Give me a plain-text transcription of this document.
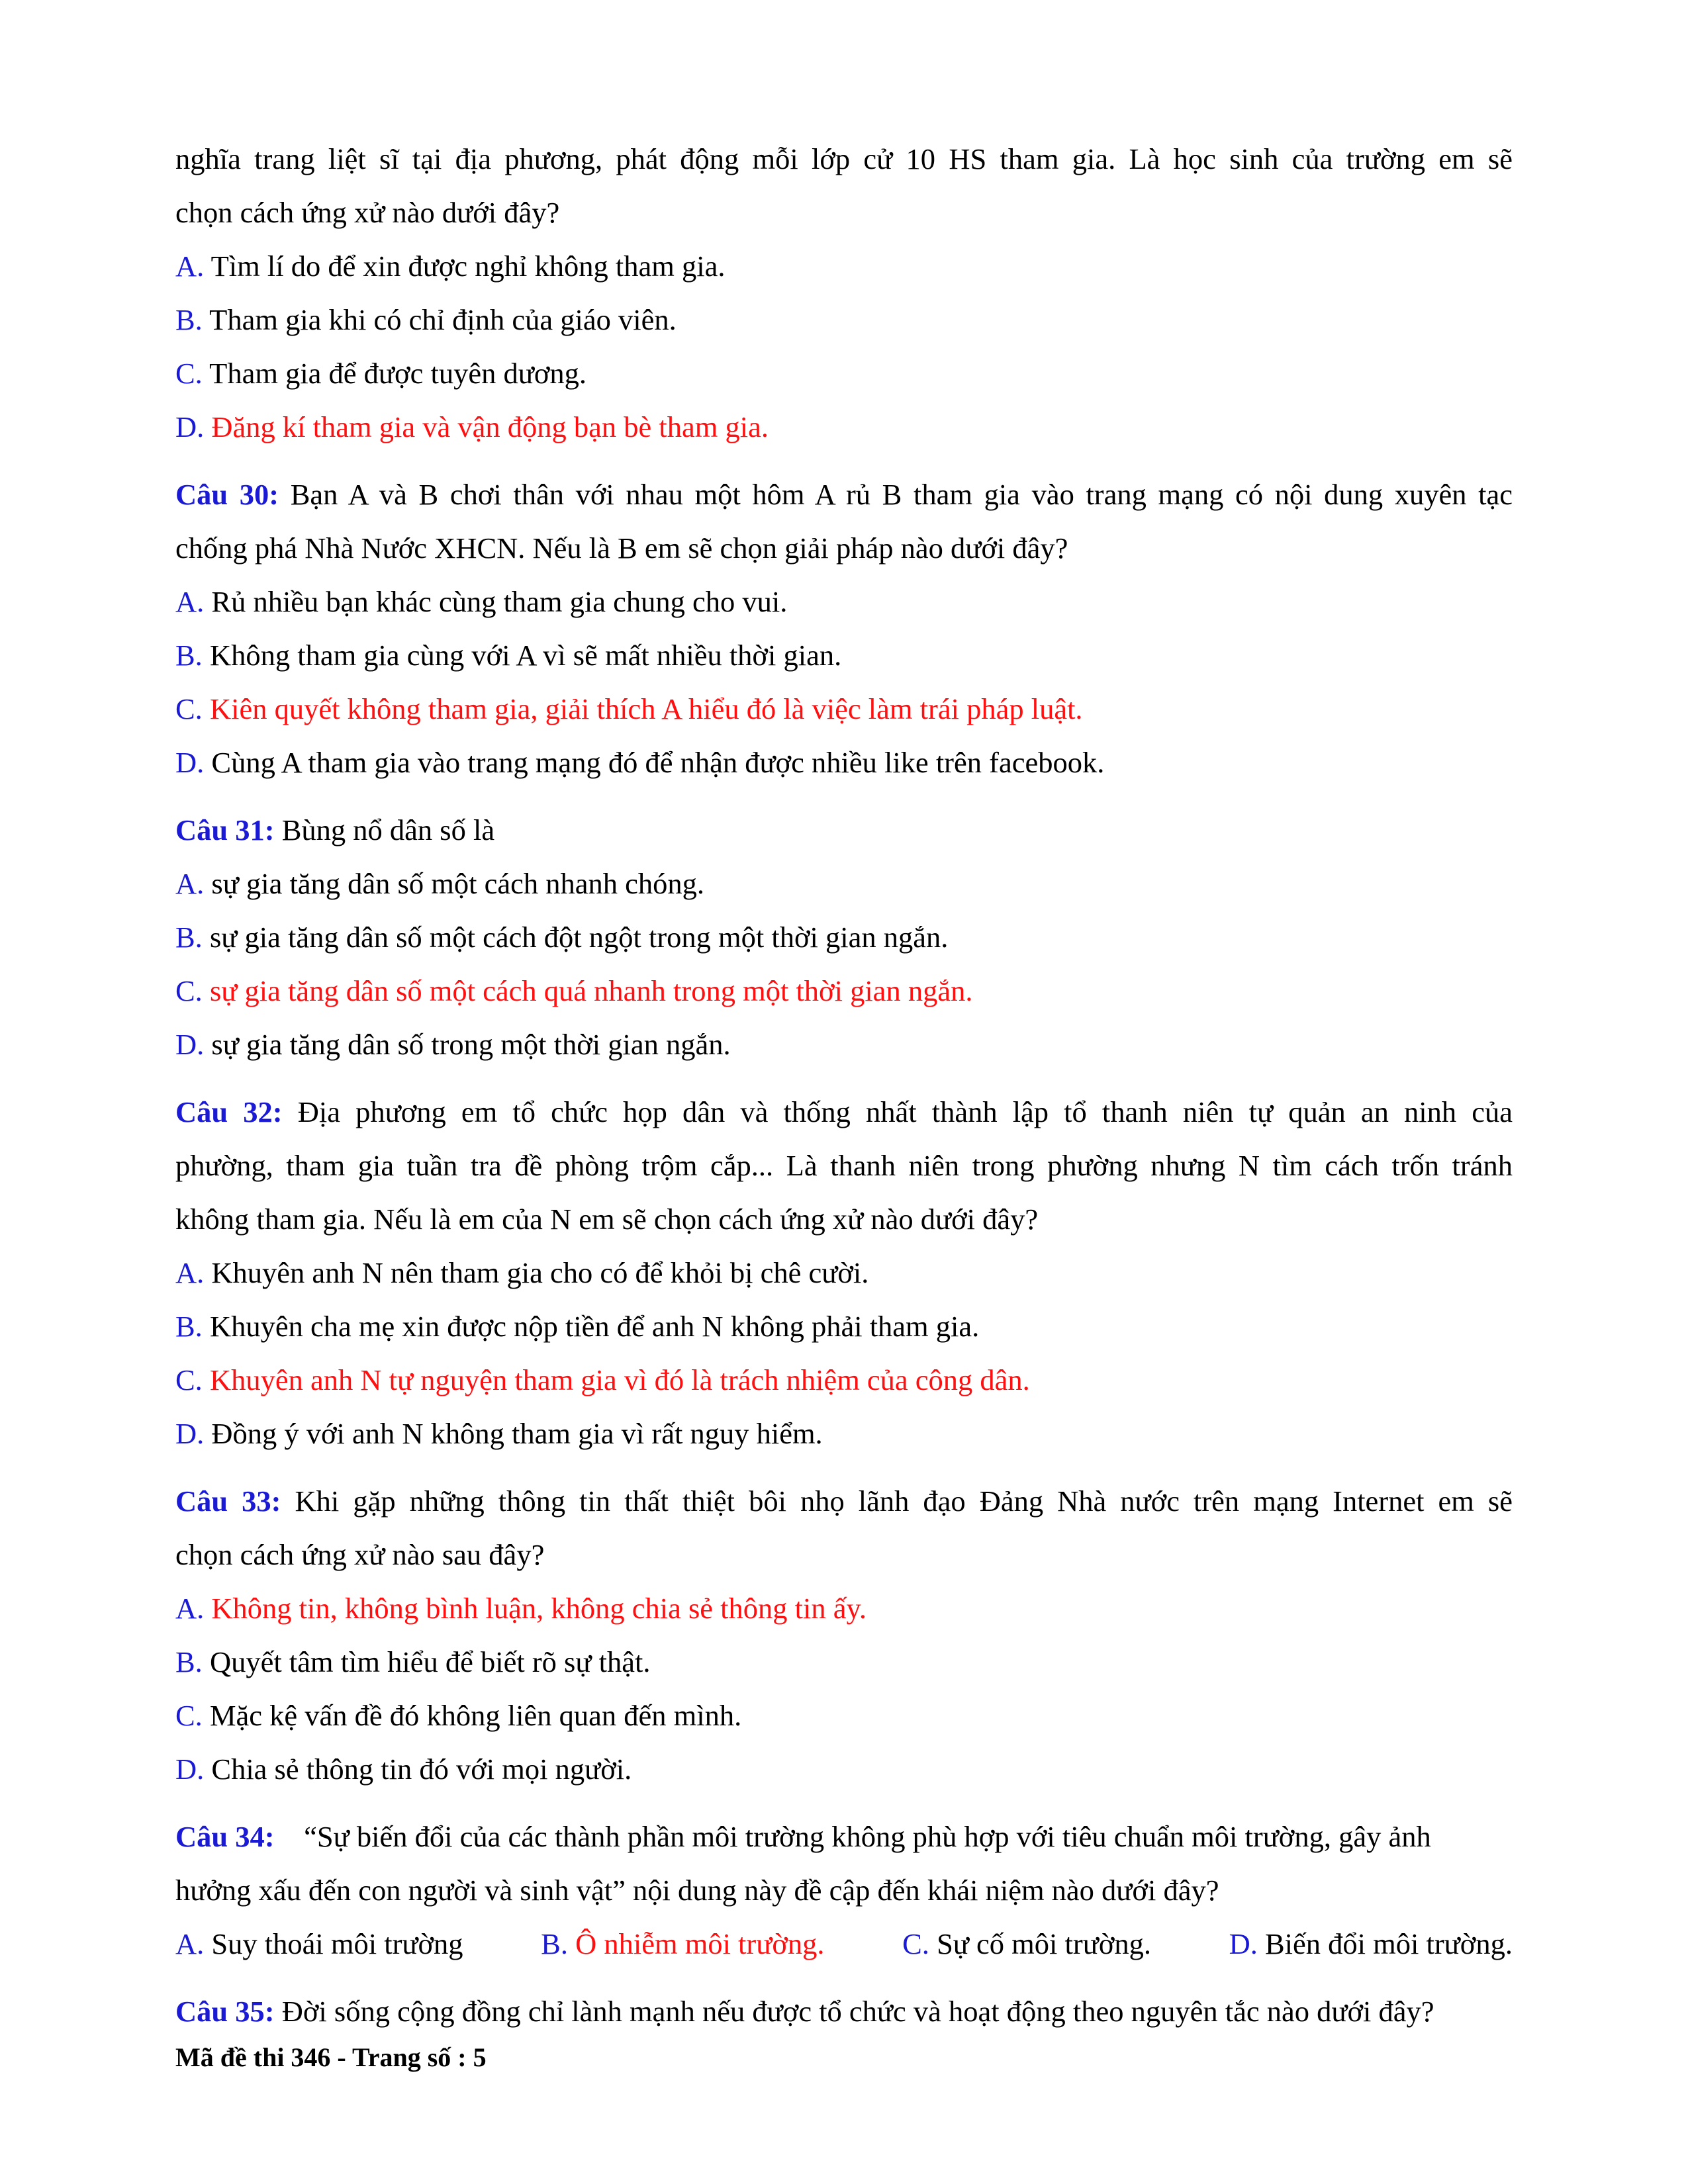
nghĩa trang liệt sĩ tại địa phương, phát động mỗi lớp cử 10 HS tham gia. Là học sinh của trường em sẽ
chọn cách ứng xử nào dưới đây?
A. Tìm lí do để xin được nghỉ không tham gia.
B. Tham gia khi có chỉ định của giáo viên.
C. Tham gia để được tuyên dương.
D. Đăng kí tham gia và vận động bạn bè tham gia.
Câu 30: Bạn A và B chơi thân với nhau một hôm A rủ B tham gia vào trang mạng có nội dung xuyên tạc
chống phá Nhà Nước XHCN. Nếu là B em sẽ chọn giải pháp nào dưới đây?
A. Rủ nhiều bạn khác cùng tham gia chung cho vui.
B. Không tham gia cùng với A vì sẽ mất nhiều thời gian.
C. Kiên quyết không tham gia, giải thích A hiểu đó là việc làm trái pháp luật.
D. Cùng A tham gia vào trang mạng đó để nhận được nhiều like trên facebook.
Câu 31: Bùng nổ dân số là
A. sự gia tăng dân số một cách nhanh chóng.
B. sự gia tăng dân số một cách đột ngột trong một thời gian ngắn.
C. sự gia tăng dân số một cách quá nhanh trong một thời gian ngắn.
D. sự gia tăng dân số trong một thời gian ngắn.
Câu 32: Địa phương em tổ chức họp dân và thống nhất thành lập tổ thanh niên tự quản an ninh của
phường, tham gia tuần tra đề phòng trộm cắp... Là thanh niên trong phường nhưng N tìm cách trốn tránh
không tham gia. Nếu là em của N em sẽ chọn cách ứng xử nào dưới đây?
A. Khuyên anh N nên tham gia cho có để khỏi bị chê cười.
B. Khuyên cha mẹ xin được nộp tiền để anh N không phải tham gia.
C. Khuyên anh N tự nguyện tham gia vì đó là trách nhiệm của công dân.
D. Đồng ý với anh N không tham gia vì rất nguy hiểm.
Câu 33: Khi gặp những thông tin thất thiệt bôi nhọ lãnh đạo Đảng Nhà nước trên mạng Internet em sẽ
chọn cách ứng xử nào sau đây?
A. Không tin, không bình luận, không chia sẻ thông tin ấy.
B. Quyết tâm tìm hiểu để biết rõ sự thật.
C. Mặc kệ vấn đề đó không liên quan đến mình.
D. Chia sẻ thông tin đó với mọi người.
Câu 34: “Sự biến đổi của các thành phần môi trường không phù hợp với tiêu chuẩn môi trường, gây ảnh
hưởng xấu đến con người và sinh vật” nội dung này đề cập đến khái niệm nào dưới đây?
A. Suy thoái môi trường	B. Ô nhiễm môi trường.	C. Sự cố môi trường.	D. Biến đổi môi trường.
Câu 35: Đời sống cộng đồng chỉ lành mạnh nếu được tổ chức và hoạt động theo nguyên tắc nào dưới đây?
Mã đề thi 346 - Trang số : 5
